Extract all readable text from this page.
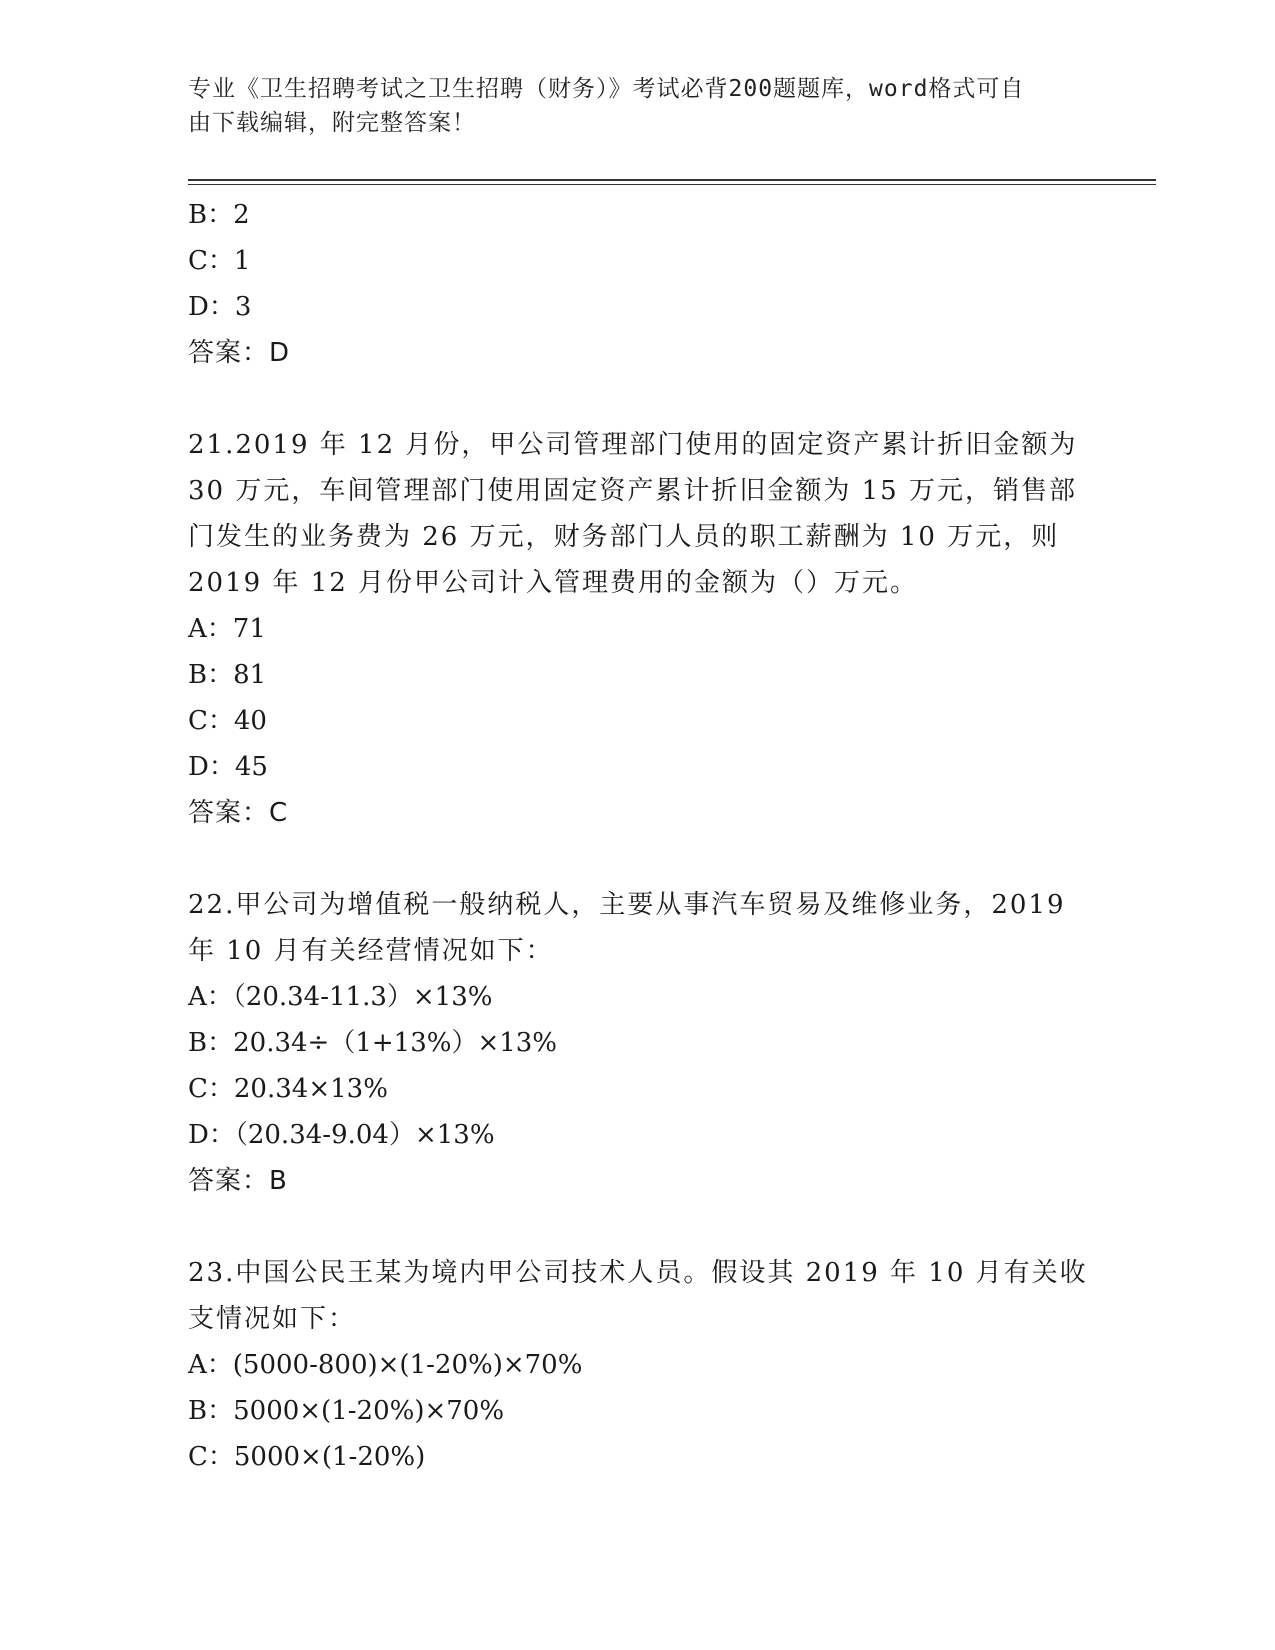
专业《卫生招聘考试之卫生招聘（财务）》考试必背200题题库，word格式可自
由下载编辑，附完整答案！
B：2
C：1
D：3
答案：D
21.2019 年 12 月份，甲公司管理部门使用的固定资产累计折旧金额为
30 万元，车间管理部门使用固定资产累计折旧金额为 15 万元，销售部
门发生的业务费为 26 万元，财务部门人员的职工薪酬为 10 万元，则
2019 年 12 月份甲公司计入管理费用的金额为（）万元。
A：71
B：81
C：40
D：45
答案：C
22.甲公司为增值税一般纳税人，主要从事汽车贸易及维修业务，2019
年 10 月有关经营情况如下：
A：（20.34-11.3）×13%
B：20.34÷（1+13%）×13%
C：20.34×13%
D：（20.34-9.04）×13%
答案：B
23.中国公民王某为境内甲公司技术人员。假设其 2019 年 10 月有关收
支情况如下：
A：(5000-800)×(1-20%)×70%
B：5000×(1-20%)×70%
C：5000×(1-20%)
